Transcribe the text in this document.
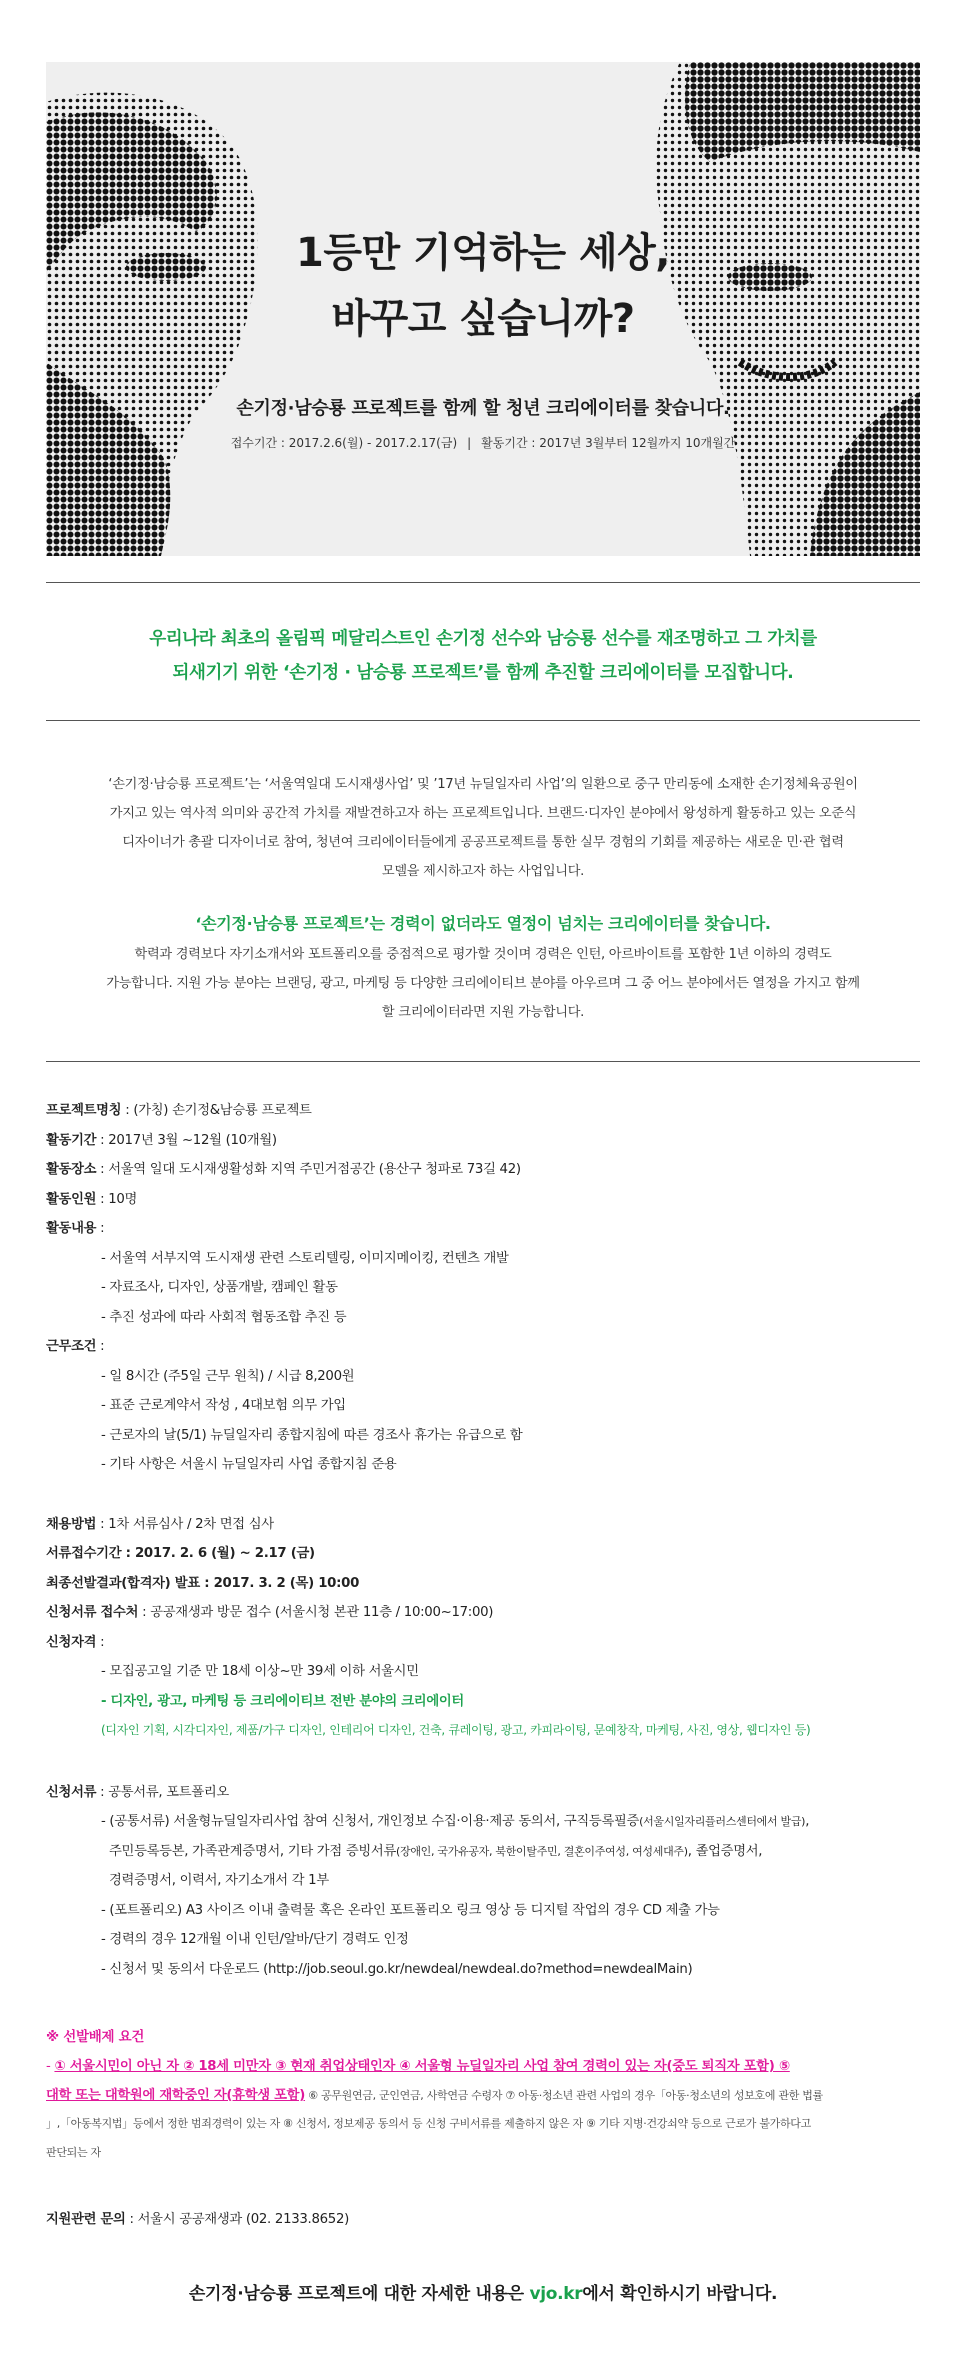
1등만 기억하는 세상,
바꾸고 싶습니까?
손기정·남승룡 프로젝트를 함께 할 청년 크리에이터를 찾습니다.
접수기간 : 2017.2.6(월) - 2017.2.17(금) | 활동기간 : 2017년 3월부터 12월까지 10개월간
우리나라 최초의 올림픽 메달리스트인 손기정 선수와 남승룡 선수를 재조명하고 그 가치를
되새기기 위한 ‘손기정 · 남승룡 프로젝트’를 함께 추진할 크리에이터를 모집합니다.
‘손기정·남승룡 프로젝트’는 ‘서울역일대 도시재생사업’ 및 ’17년 뉴딜일자리 사업’의 일환으로 중구 만리동에 소재한 손기정체육공원이
가지고 있는 역사적 의미와 공간적 가치를 재발견하고자 하는 프로젝트입니다. 브랜드·디자인 분야에서 왕성하게 활동하고 있는 오준식
디자이너가 총괄 디자이너로 참여, 청년여 크리에이터들에게 공공프로젝트를 통한 실무 경험의 기회를 제공하는 새로운 민·관 협력
모델을 제시하고자 하는 사업입니다.
‘손기정·남승룡 프로젝트’는 경력이 없더라도 열정이 넘치는 크리에이터를 찾습니다.
학력과 경력보다 자기소개서와 포트폴리오를 중점적으로 평가할 것이며 경력은 인턴, 아르바이트를 포함한 1년 이하의 경력도
가능합니다. 지원 가능 분야는 브랜딩, 광고, 마케팅 등 다양한 크리에이티브 분야를 아우르며 그 중 어느 분야에서든 열정을 가지고 함께
할 크리에이터라면 지원 가능합니다.
프로젝트명칭 : (가칭) 손기정&남승룡 프로젝트
활동기간 : 2017년 3월 ~12월 (10개월)
활동장소 : 서울역 일대 도시재생활성화 지역 주민거점공간 (용산구 청파로 73길 42)
활동인원 : 10명
활동내용 :
- 서울역 서부지역 도시재생 관련 스토리텔링, 이미지메이킹, 컨텐츠 개발
- 자료조사, 디자인, 상품개발, 캠페인 활동
- 추진 성과에 따라 사회적 협동조합 추진 등
근무조건 :
- 일 8시간 (주5일 근무 원칙) / 시급 8,200원
- 표준 근로계약서 작성 , 4대보험 의무 가입
- 근로자의 날(5/1) 뉴딜일자리 종합지침에 따른 경조사 휴가는 유급으로 함
- 기타 사항은 서울시 뉴딜일자리 사업 종합지침 준용
채용방법 : 1차 서류심사 / 2차 면접 심사
서류접수기간 : 2017. 2. 6 (월) ~ 2.17 (금)
최종선발결과(합격자) 발표 : 2017. 3. 2 (목) 10:00
신청서류 접수처 : 공공재생과 방문 접수 (서울시청 본관 11층 / 10:00~17:00)
신청자격 :
- 모집공고일 기준 만 18세 이상~만 39세 이하 서울시민
- 디자인, 광고, 마케팅 등 크리에이티브 전반 분야의 크리에이터
(디자인 기획, 시각디자인, 제품/가구 디자인, 인테리어 디자인, 건축, 큐레이팅, 광고, 카피라이팅, 문예창작, 마케팅, 사진, 영상, 웹디자인 등)
신청서류 : 공통서류, 포트폴리오
- (공통서류) 서울형뉴딜일자리사업 참여 신청서, 개인정보 수집·이용·제공 동의서, 구직등록필증(서울시일자리플러스센터에서 발급),
주민등록등본, 가족관계증명서, 기타 가점 증빙서류(장애인, 국가유공자, 북한이탈주민, 결혼이주여성, 여성세대주), 졸업증명서,
경력증명서, 이력서, 자기소개서 각 1부
- (포트폴리오) A3 사이즈 이내 출력물 혹은 온라인 포트폴리오 링크 영상 등 디지털 작업의 경우 CD 제출 가능
- 경력의 경우 12개월 이내 인턴/알바/단기 경력도 인정
- 신청서 및 동의서 다운로드 (http://job.seoul.go.kr/newdeal/newdeal.do?method=newdealMain)
※ 선발배제 요건
- ① 서울시민이 아닌 자 ② 18세 미만자 ③ 현재 취업상태인자 ④ 서울형 뉴딜일자리 사업 참여 경력이 있는 자(중도 퇴직자 포함) ⑤
대학 또는 대학원에 재학중인 자(휴학생 포함) ⑥ 공무원연금, 군인연금, 사학연금 수령자 ⑦ 아동·청소년 관련 사업의 경우「아동·청소년의 성보호에 관한 법률
」,「아동복지법」등에서 정한 범죄경력이 있는 자 ⑧ 신청서, 정보제공 동의서 등 신청 구비서류를 제출하지 않은 자 ⑨ 기타 지병·건강쇠약 등으로 근로가 불가하다고
판단되는 자
지원관련 문의 : 서울시 공공재생과 (02. 2133.8652)
손기정·남승룡 프로젝트에 대한 자세한 내용은 vjo.kr에서 확인하시기 바랍니다.
